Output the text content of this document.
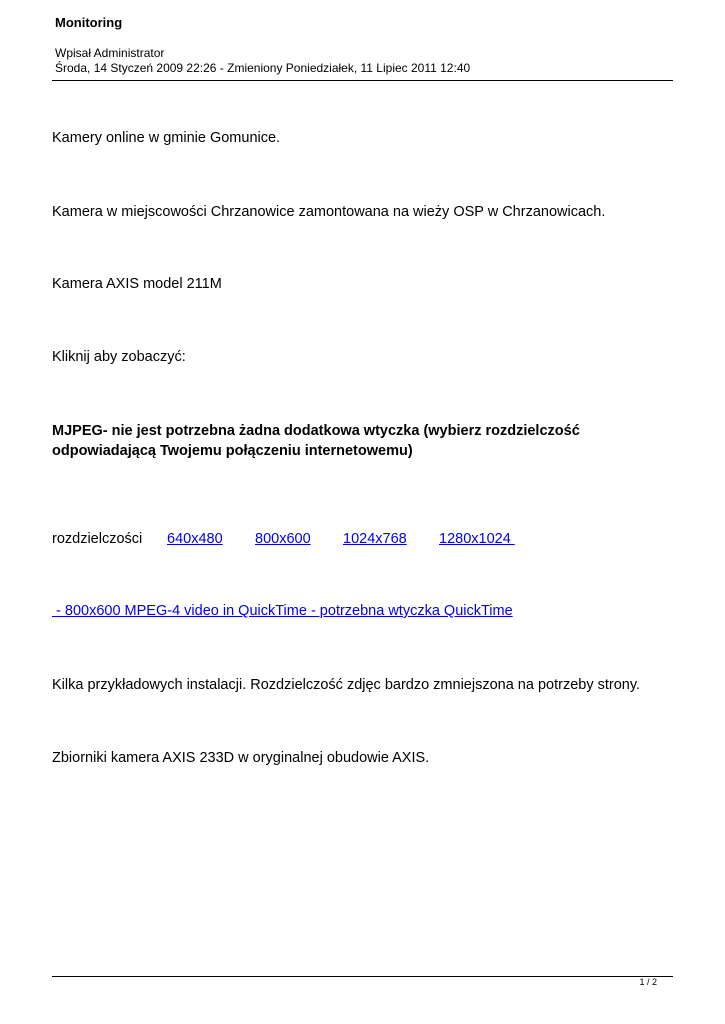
Monitoring
Wpisał Administrator
Środa, 14 Styczeń 2009 22:26 - Zmieniony Poniedziałek, 11 Lipiec 2011 12:40
Kamery online w gminie Gomunice.
Kamera w miejscowości Chrzanowice zamontowana na wieży OSP w Chrzanowicach.
Kamera AXIS model 211M
Kliknij aby zobaczyć:
MJPEG- nie jest potrzebna żadna dodatkowa wtyczka (wybierz rozdzielczość
odpowiadającą Twojemu połączeniu internetowemu)
rozdzielczości 640x480 800x600 1024x768 1280x1024
- 800x600 MPEG-4 video in QuickTime - potrzebna wtyczka QuickTime
Kilka przykładowych instalacji. Rozdzielczość zdjęc bardzo zmniejszona na potrzeby strony.
Zbiorniki kamera AXIS 233D w oryginalnej obudowie AXIS.
1 / 2
